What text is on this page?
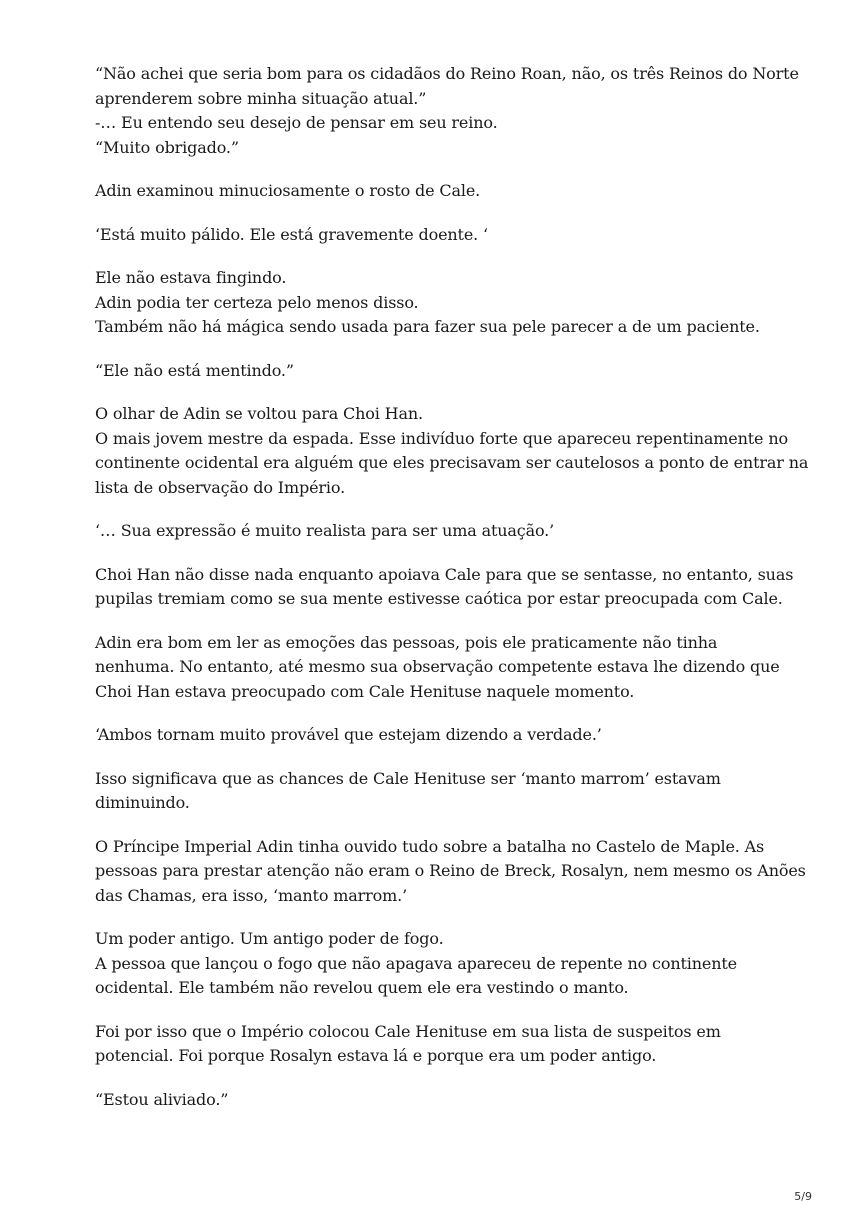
“Não achei que seria bom para os cidadãos do Reino Roan, não, os três Reinos do Norte
aprenderem sobre minha situação atual.”
-… Eu entendo seu desejo de pensar em seu reino.
“Muito obrigado.”

Adin examinou minuciosamente o rosto de Cale.

‘Está muito pálido. Ele está gravemente doente. ‘

Ele não estava fingindo.
Adin podia ter certeza pelo menos disso.
Também não há mágica sendo usada para fazer sua pele parecer a de um paciente.

“Ele não está mentindo.”

O olhar de Adin se voltou para Choi Han.
O mais jovem mestre da espada. Esse indivíduo forte que apareceu repentinamente no
continente ocidental era alguém que eles precisavam ser cautelosos a ponto de entrar na
lista de observação do Império.

‘… Sua expressão é muito realista para ser uma atuação.’

Choi Han não disse nada enquanto apoiava Cale para que se sentasse, no entanto, suas
pupilas tremiam como se sua mente estivesse caótica por estar preocupada com Cale.

Adin era bom em ler as emoções das pessoas, pois ele praticamente não tinha
nenhuma. No entanto, até mesmo sua observação competente estava lhe dizendo que
Choi Han estava preocupado com Cale Henituse naquele momento.

‘Ambos tornam muito provável que estejam dizendo a verdade.’

Isso significava que as chances de Cale Henituse ser ‘manto marrom’ estavam
diminuindo.

O Príncipe Imperial Adin tinha ouvido tudo sobre a batalha no Castelo de Maple. As
pessoas para prestar atenção não eram o Reino de Breck, Rosalyn, nem mesmo os Anões
das Chamas, era isso, ‘manto marrom.’

Um poder antigo. Um antigo poder de fogo.
A pessoa que lançou o fogo que não apagava apareceu de repente no continente
ocidental. Ele também não revelou quem ele era vestindo o manto.

Foi por isso que o Império colocou Cale Henituse em sua lista de suspeitos em
potencial. Foi porque Rosalyn estava lá e porque era um poder antigo.

“Estou aliviado.”

5/9
